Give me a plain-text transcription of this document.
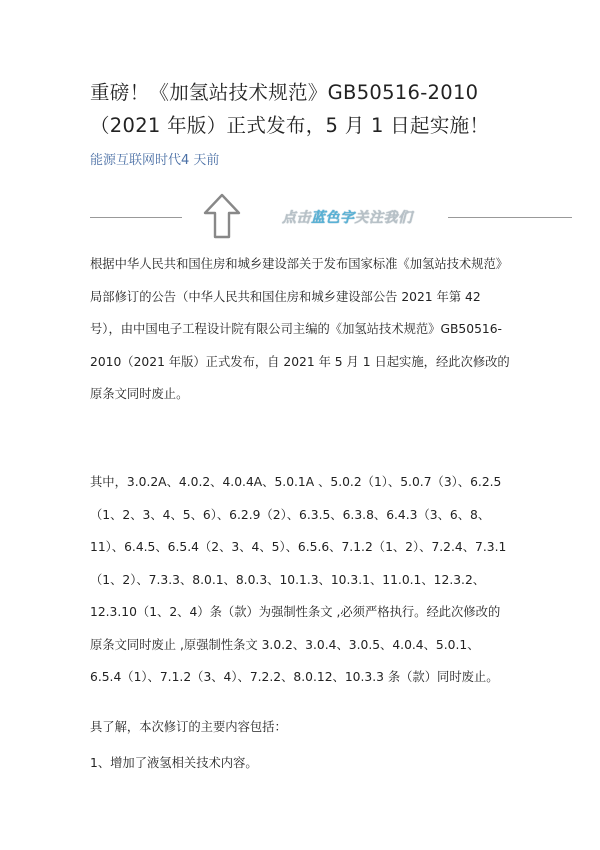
重磅！《加氢站技术规范》GB50516-2010（2021 年版）正式发布，5 月 1 日起实施！
能源互联网时代4 天前
点击蓝色字关注我们

根据中华人民共和国住房和城乡建设部关于发布国家标准《加氢站技术规范》局部修订的公告（中华人民共和国住房和城乡建设部公告 2021 年第 42 号），由中国电子工程设计院有限公司主编的《加氢站技术规范》GB50516-2010（2021 年版）正式发布，自 2021 年 5 月 1 日起实施，经此次修改的原条文同时废止。

其中，3.0.2A、4.0.2、4.0.4A、5.0.1A 、5.0.2（1）、5.0.7（3）、6.2.5（1、2、3、4、5、6）、6.2.9（2）、6.3.5、6.3.8、6.4.3（3、6、8、11）、6.4.5、6.5.4（2、3、4、5）、6.5.6、7.1.2（1、2）、7.2.4、7.3.1（1、2）、7.3.3、8.0.1、8.0.3、10.1.3、10.3.1、11.0.1、12.3.2、12.3.10（1、2、4）条（款）为强制性条文 ,必须严格执行。经此次修改的原条文同时废止 ,原强制性条文 3.0.2、3.0.4、3.0.5、4.0.4、5.0.1、6.5.4（1）、7.1.2（3、4）、7.2.2、8.0.12、10.3.3 条（款）同时废止。

具了解，本次修订的主要内容包括：

1、增加了液氢相关技术内容。
